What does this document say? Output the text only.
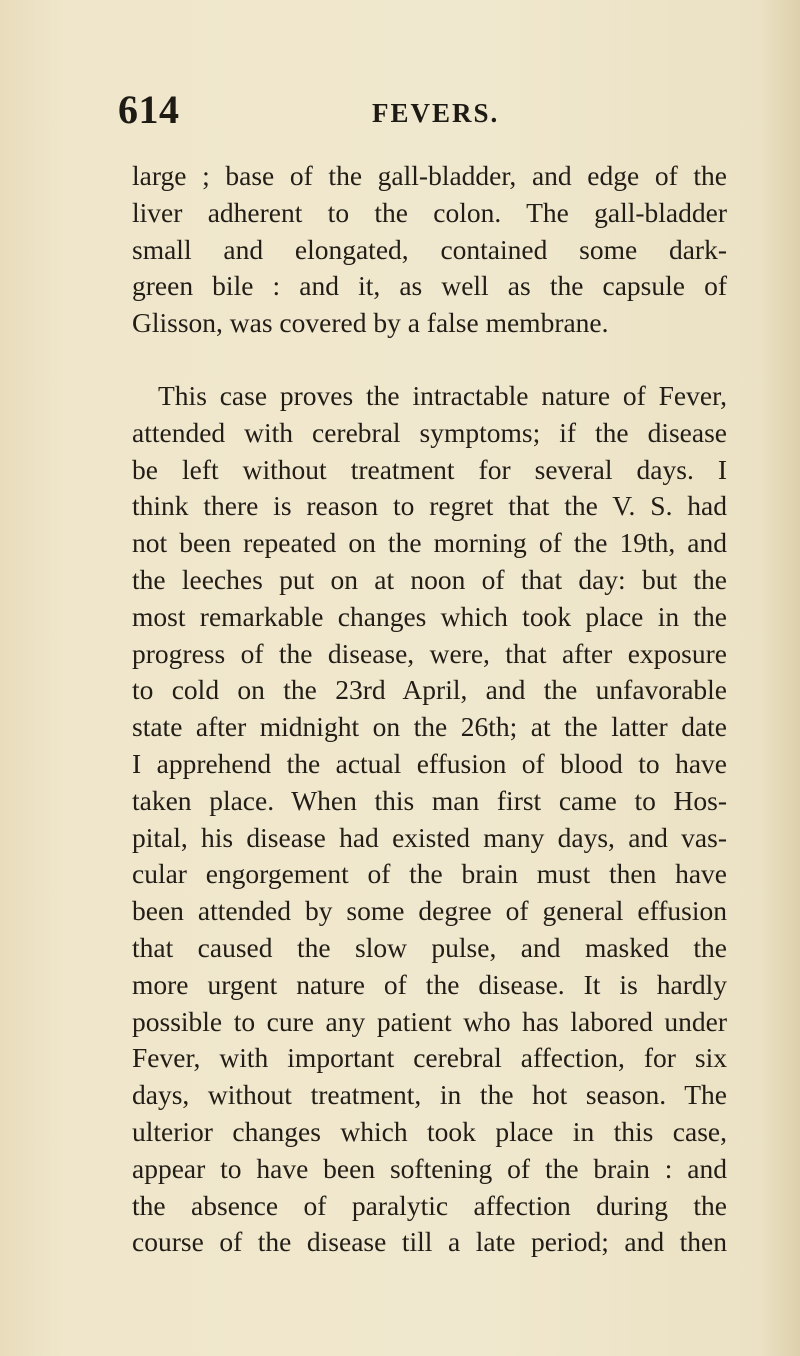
614	FEVERS.
large ; base of the gall-bladder, and edge of the
liver adherent to the colon. The gall-bladder
small and elongated, contained some dark-
green bile : and it, as well as the capsule of
Glisson, was covered by a false membrane.
This case proves the intractable nature of Fever,
attended with cerebral symptoms; if the disease
be left without treatment for several days. I
think there is reason to regret that the V. S. had
not been repeated on the morning of the 19th, and
the leeches put on at noon of that day: but the
most remarkable changes which took place in the
progress of the disease, were, that after exposure
to cold on the 23rd April, and the unfavorable
state after midnight on the 26th; at the latter date
I apprehend the actual effusion of blood to have
taken place. When this man first came to Hos-
pital, his disease had existed many days, and vas-
cular engorgement of the brain must then have
been attended by some degree of general effusion
that caused the slow pulse, and masked the
more urgent nature of the disease. It is hardly
possible to cure any patient who has labored under
Fever, with important cerebral affection, for six
days, without treatment, in the hot season. The
ulterior changes which took place in this case,
appear to have been softening of the brain : and
the absence of paralytic affection during the
course of the disease till a late period; and then
